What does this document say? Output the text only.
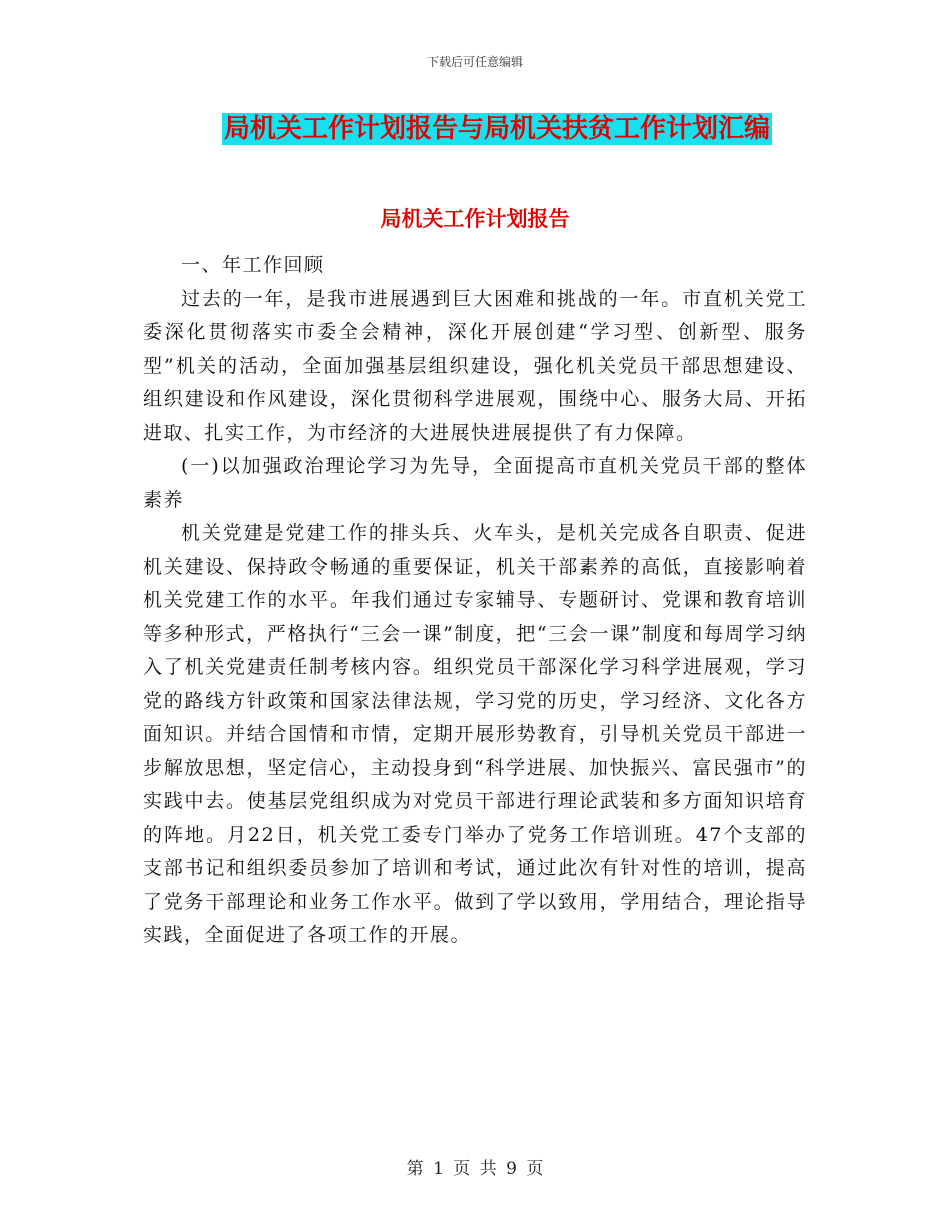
下载后可任意编辑
局机关工作计划报告与局机关扶贫工作计划汇编
局机关工作计划报告

一、年工作回顾

过去的一年，是我市进展遇到巨大困难和挑战的一年。市直机关党工委深化贯彻落实市委全会精神，深化开展创建“学习型、创新型、服务型”机关的活动，全面加强基层组织建设，强化机关党员干部思想建设、组织建设和作风建设，深化贯彻科学进展观，围绕中心、服务大局、开拓进取、扎实工作，为市经济的大进展快进展提供了有力保障。

(一)以加强政治理论学习为先导，全面提高市直机关党员干部的整体素养

机关党建是党建工作的排头兵、火车头，是机关完成各自职责、促进机关建设、保持政令畅通的重要保证，机关干部素养的高低，直接影响着机关党建工作的水平。年我们通过专家辅导、专题研讨、党课和教育培训等多种形式，严格执行“三会一课”制度，把“三会一课”制度和每周学习纳入了机关党建责任制考核内容。组织党员干部深化学习科学进展观，学习党的路线方针政策和国家法律法规，学习党的历史，学习经济、文化各方面知识。并结合国情和市情，定期开展形势教育，引导机关党员干部进一步解放思想，坚定信心，主动投身到“科学进展、加快振兴、富民强市”的实践中去。使基层党组织成为对党员干部进行理论武装和多方面知识培育的阵地。月22日，机关党工委专门举办了党务工作培训班。47个支部的支部书记和组织委员参加了培训和考试，通过此次有针对性的培训，提高了党务干部理论和业务工作水平。做到了学以致用，学用结合，理论指导实践，全面促进了各项工作的开展。

第 1 页 共 9 页
